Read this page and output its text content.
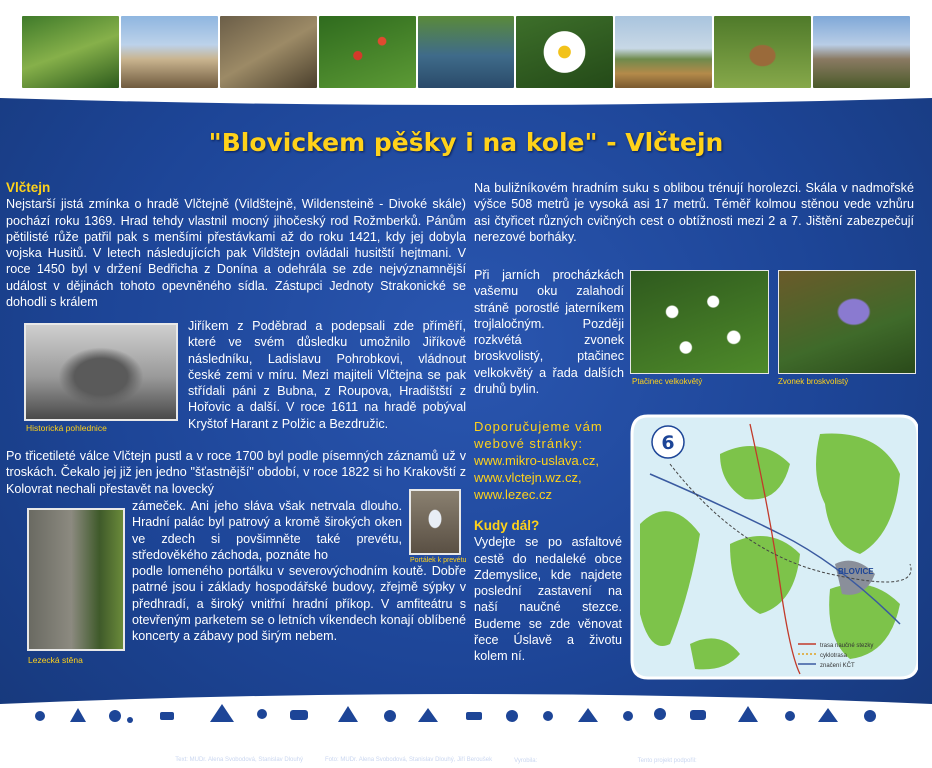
"Blovickem pěšky i na kole" - Vlčtejn

Vlčtejn

Nejstarší jistá zmínka o hradě Vlčtejně (Vildštejně, Wildensteině - Divoké skále) pochází roku 1369. Hrad tehdy vlastnil mocný jihočeský rod Rožmberků. Pánům pětilisté růže patřil pak s menšími přestávkami až do roku 1421, kdy jej dobyla vojska Husitů. V letech následujících pak Vildštejn ovládali husitští hejtmani. V roce 1450 byl v držení Bedřicha z Donína a odehrála se zde nejvýznamnější událost v dějinách tohoto opevněného sídla. Zástupci Jednoty Strakonické se dohodli s králem

Jiříkem z Poděbrad a podepsali zde příměří, které ve svém důsledku umožnilo Jiříkově následníku, Ladislavu Pohrobkovi, vládnout české zemi v míru. Mezi majiteli Vlčtejna se pak střídali páni z Bubna, z Roupova, Hradištští z Hořovic a další. V roce 1611 na hradě pobýval Kryštof Harant z Polžic a Bezdružic.

Po třicetileté válce Vlčtejn pustl a v roce 1700 byl podle písemných záznamů už v troskách. Čekalo jej již jen jedno "šťastnější" období, v roce 1822 si ho Krakovští z Kolovrat nechali přestavět na lovecký

zámeček. Ani jeho sláva však netrvala dlouho. Hradní palác byl patrový a kromě širokých oken ve zdech si povšimněte také prevétu, středověkého záchoda, poznáte ho

podle lomeného portálku v severovýchodním koutě. Dobře patrné jsou i základy hospodářské budovy, zřejmě sýpky v předhradí, a široký vnitřní hradní příkop. V amfiteátru s otevřeným parketem se o letních víkendech konají oblíbené koncerty a zábavy pod širým nebem.

Historická pohlednice
Portálek k prevétu
Lezecká stěna

Na buližníkovém hradním suku s oblibou trénují horolezci. Skála v nadmořské výšce 508 metrů je vysoká asi 17 metrů. Téměř kolmou stěnou vede vzhůru asi čtyřicet různých cvičných cest o obtížnosti mezi 2 a 7. Jištění zabezpečují nerezové borháky.

Při jarních procházkách vašemu oku zalahodí stráně porostlé jaterníkem trojlaločným. Později rozkvétá zvonek broskvolistý, ptačinec velkokvětý a řada dalších druhů bylin.

Ptačinec velkokvětý	Zvonek broskvolistý

Doporučujeme vám webové stránky:

www.mikro-uslava.cz,

www.vlctejn.wz.cz,

www.lezec.cz

Kudy dál?

Vydejte se po asfaltové cestě do nedaleké obce Zdemyslice, kde najdete poslední zastavení na naší naučné stezce. Budeme se zde věnovat řece Úslavě a životu kolem ní.

6
BLOVICE
trasa naučné stezky
cyklotrasa
značení KČT
Text: MUDr. Alena Svobodová, Stanislav Dlouhý	Foto: MUDr. Alena Svobodová, Stanislav Dlouhý, Jiří Beroušek	Vyrobila: MULTIMEDIA ACTIVITY	Tento projekt podpořil: PLZEŇSKÝ KRAJ
